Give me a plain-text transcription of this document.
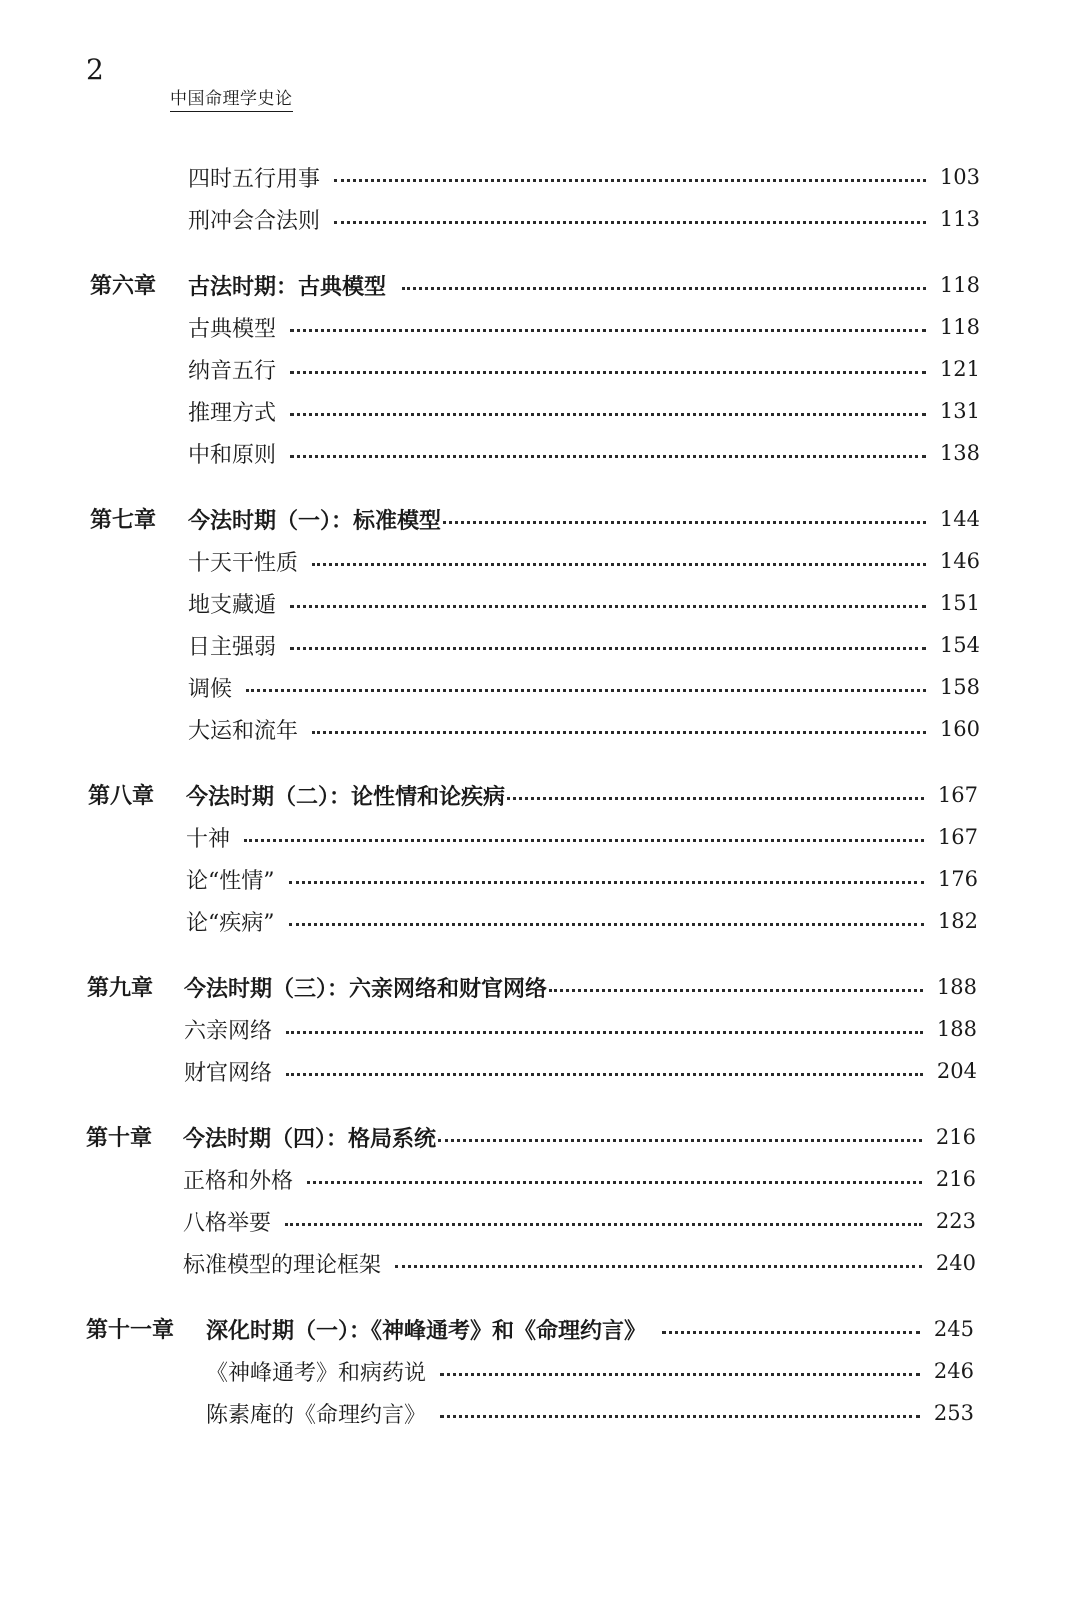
2
中国命理学史论
四时五行用事	103
刑冲会合法则	113
第六章 古法时期：古典模型	118
古典模型	118
纳音五行	121
推理方式	131
中和原则	138
第七章 今法时期（一）：标准模型	144
十天干性质	146
地支藏遁	151
日主强弱	154
调候	158
大运和流年	160
第八章 今法时期（二）：论性情和论疾病	167
十神	167
论“性情”	176
论“疾病”	182
第九章 今法时期（三）：六亲网络和财官网络	188
六亲网络	188
财官网络	204
第十章 今法时期（四）：格局系统	216
正格和外格	216
八格举要	223
标准模型的理论框架	240
第十一章 深化时期（一）：《神峰通考》和《命理约言》	245
《神峰通考》和病药说	246
陈素庵的《命理约言》	253
